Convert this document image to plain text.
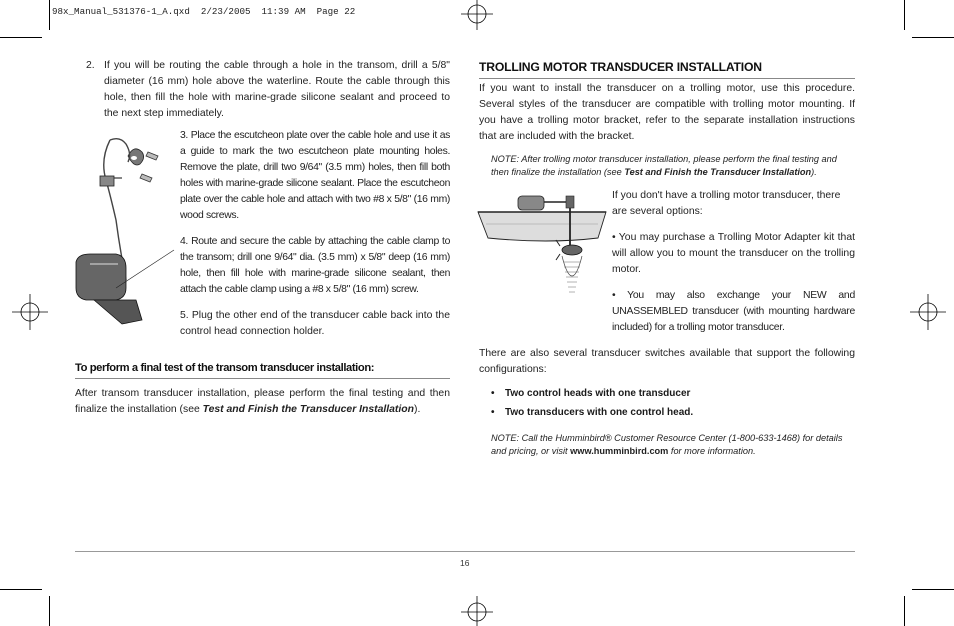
98x_Manual_531376-1_A.qxd  2/23/2005  11:39 AM  Page 22
2. If you will be routing the cable through a hole in the transom, drill a 5/8" diameter (16 mm) hole above the waterline. Route the cable through this hole, then fill the hole with marine-grade silicone sealant and proceed to the next step immediately.
3. Place the escutcheon plate over the cable hole and use it as a guide to mark the two escutcheon plate mounting holes. Remove the plate, drill two 9/64" (3.5 mm) holes, then fill both holes with marine-grade silicone sealant. Place the escutcheon plate over the cable hole and attach with two #8 x 5/8" (16 mm) wood screws.
4. Route and secure the cable by attaching the cable clamp to the transom; drill one 9/64" dia. (3.5 mm) x 5/8" deep (16 mm) hole, then fill hole with marine-grade silicone sealant, then attach the cable clamp using a #8 x 5/8" (16 mm) screw.
5. Plug the other end of the transducer cable back into the control head connection holder.
To perform a final test of the transom transducer installation:
After transom transducer installation, please perform the final testing and then finalize the installation (see Test and Finish the Transducer Installation).
TROLLING MOTOR TRANSDUCER INSTALLATION
If you want to install the transducer on a trolling motor, use this procedure. Several styles of the transducer are compatible with trolling motor mounting. If you have a trolling motor bracket, refer to the separate installation instructions that are included with the bracket.
NOTE: After trolling motor transducer installation, please perform the final testing and then finalize the installation (see Test and Finish the Transducer Installation).
If you don't have a trolling motor transducer, there are several options:
• You may purchase a Trolling Motor Adapter kit that will allow you to mount the transducer on the trolling motor.
• You may also exchange your NEW and UNASSEMBLED transducer (with mounting hardware included) for a trolling motor transducer.
There are also several transducer switches available that support the following configurations:
•	Two control heads with one transducer
•	Two transducers with one control head.
NOTE: Call the Humminbird® Customer Resource Center (1-800-633-1468) for details and pricing, or visit www.humminbird.com for more information.
16
